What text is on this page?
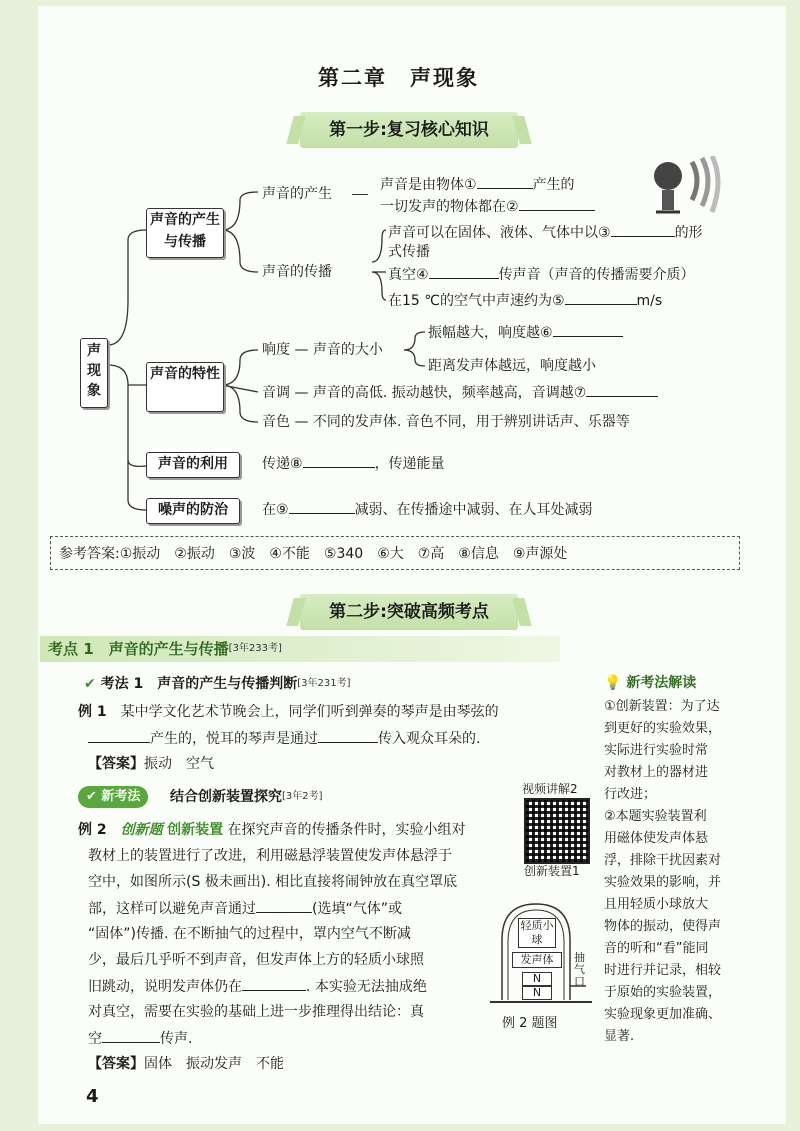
第二章　声现象
第一步:复习核心知识
声现象
声音的产生与传播
声音的特性
声音的利用
噪声的防治
声音的产生
声音是由物体①	产生的
一切发声的物体都在②
声音的传播
声音可以在固体、液体、气体中以③	的形
式传播
真空④	传声音（声音的传播需要介质）
在15 ℃的空气中声速约为⑤	m/s
响度 — 声音的大小
振幅越大，响度越⑥
距离发声体越远，响度越小
音调 — 声音的高低. 振动越快，频率越高，音调越⑦
音色 — 不同的发声体. 音色不同，用于辨别讲话声、乐器等
传递⑧	，传递能量
在⑨	减弱、在传播途中减弱、在人耳处减弱
参考答案:①振动　②振动　③波　④不能　⑤340　⑥大　⑦高　⑧信息　⑨声源处
第二步:突破高频考点
考点 1　声音的产生与传播[3年233考]
✔ 考法 1　声音的产生与传播判断[3年231考]
例 1　 某中学文化艺术节晚会上，同学们听到弹奏的琴声是由琴弦的
产生的，悦耳的琴声是通过	传入观众耳朵的.
【答案】振动　空气
✔ 新考法	结合创新装置探究[3年2考]
视频讲解2
创新装置1
例 2　 创新题 创新装置 在探究声音的传播条件时，实验小组对
教材上的装置进行了改进，利用磁悬浮装置使发声体悬浮于
空中，如图所示(S 极未画出). 相比直接将闹钟放在真空罩底
部，这样可以避免声音通过	(选填“气体”或
“固体”)传播. 在不断抽气的过程中，罩内空气不断减
少，最后几乎听不到声音，但发声体上方的轻质小球照
旧跳动，说明发声体仍在	. 本实验无法抽成绝
对真空，需要在实验的基础上进一步推理得出结论：真
空	传声.
【答案】固体　振动发声　不能
轻质小球
发声体
N
N
抽气口
例 2 题图
💡 新考法解读
①创新装置：为了达
到更好的实验效果，
实际进行实验时常
对教材上的器材进
行改进；
②本题实验装置利
用磁体使发声体悬
浮，排除干扰因素对
实验效果的影响，并
且用轻质小球放大
物体的振动，使得声
音的听和“看”能同
时进行并记录，相较
于原始的实验装置，
实验现象更加准确、
显著.
4
